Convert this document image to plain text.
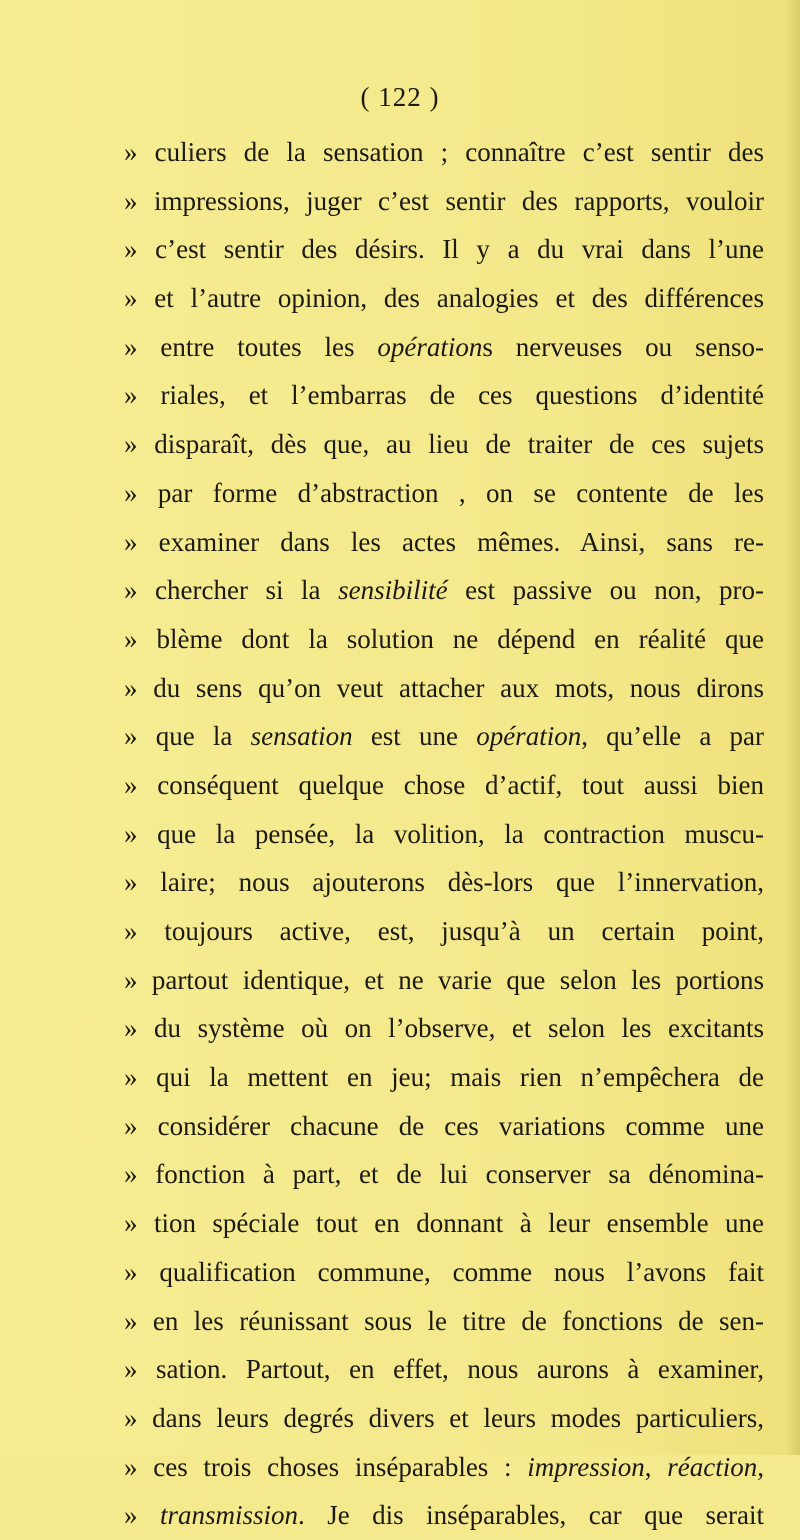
( 122 )
» culiers de la sensation ; connaître c’est sentir des
» impressions, juger c’est sentir des rapports, vouloir
» c’est sentir des désirs. Il y a du vrai dans l’une
» et l’autre opinion, des analogies et des différences
» entre toutes les opérations nerveuses ou senso-
» riales, et l’embarras de ces questions d’identité
» disparaît, dès que, au lieu de traiter de ces sujets
» par forme d’abstraction , on se contente de les
» examiner dans les actes mêmes. Ainsi, sans re-
» chercher si la sensibilité est passive ou non, pro-
» blème dont la solution ne dépend en réalité que
» du sens qu’on veut attacher aux mots, nous dirons
» que la sensation est une opération, qu’elle a par
» conséquent quelque chose d’actif, tout aussi bien
» que la pensée, la volition, la contraction muscu-
» laire; nous ajouterons dès-lors que l’innervation,
» toujours active, est, jusqu’à un certain point,
» partout identique, et ne varie que selon les portions
» du système où on l’observe, et selon les excitants
» qui la mettent en jeu; mais rien n’empêchera de
» considérer chacune de ces variations comme une
» fonction à part, et de lui conserver sa dénomina-
» tion spéciale tout en donnant à leur ensemble une
» qualification commune, comme nous l’avons fait
» en les réunissant sous le titre de fonctions de sen-
» sation. Partout, en effet, nous aurons à examiner,
» dans leurs degrés divers et leurs modes particuliers,
» ces trois choses inséparables : impression, réaction,
» transmission. Je dis inséparables, car que serait
